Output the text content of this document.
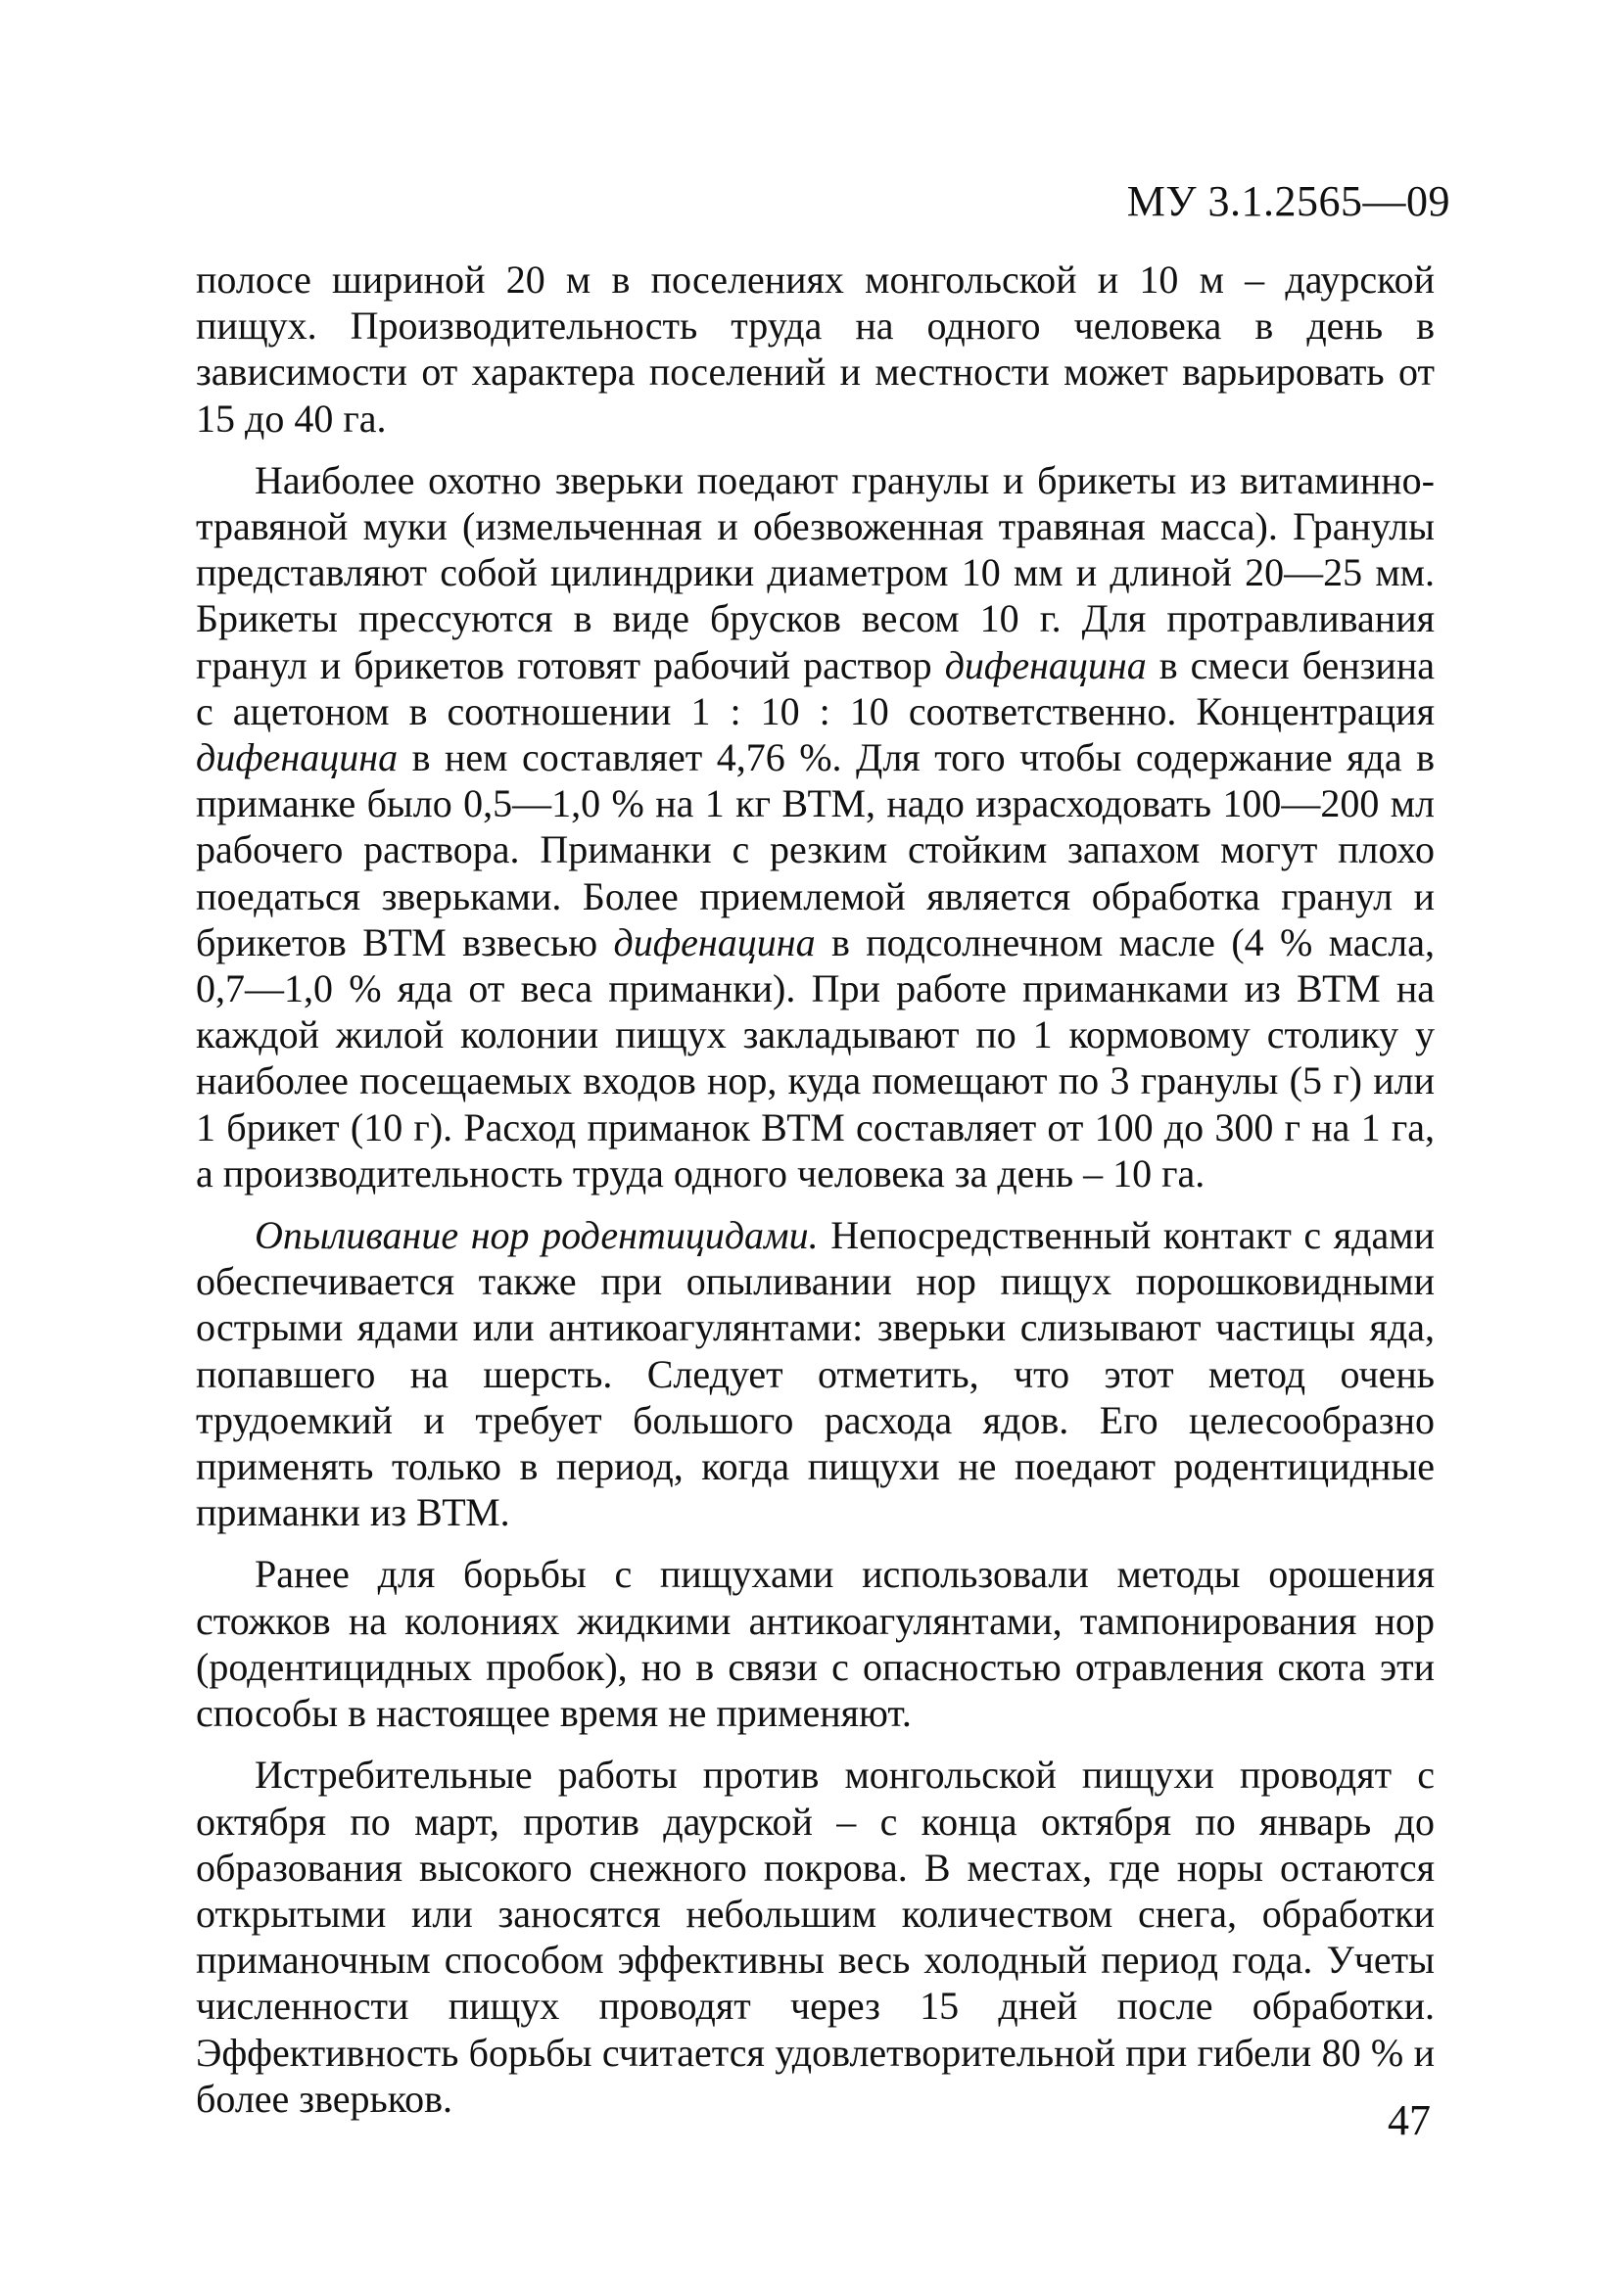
МУ 3.1.2565—09

полосе шириной 20 м в поселениях монгольской и 10 м – даурской пищух. Производительность труда на одного человека в день в зависимости от характера поселений и местности может варьировать от 15 до 40 га.

Наиболее охотно зверьки поедают гранулы и брикеты из витаминно-травяной муки (измельченная и обезвоженная травяная масса). Гранулы представляют собой цилиндрики диаметром 10 мм и длиной 20—25 мм. Брикеты прессуются в виде брусков весом 10 г. Для протравливания гранул и брикетов готовят рабочий раствор дифенацина в смеси бензина с ацетоном в соотношении 1 : 10 : 10 соответственно. Концентрация дифенацина в нем составляет 4,76 %. Для того чтобы содержание яда в приманке было 0,5—1,0 % на 1 кг ВТМ, надо израсходовать 100—200 мл рабочего раствора. Приманки с резким стойким запахом могут плохо поедаться зверьками. Более приемлемой является обработка гранул и брикетов ВТМ взвесью дифенацина в подсолнечном масле (4 % масла, 0,7—1,0 % яда от веса приманки). При работе приманками из ВТМ на каждой жилой колонии пищух закладывают по 1 кормовому столику у наиболее посещаемых входов нор, куда помещают по 3 гранулы (5 г) или 1 брикет (10 г). Расход приманок ВТМ составляет от 100 до 300 г на 1 га, а производительность труда одного человека за день – 10 га.

Опыливание нор родентицидами. Непосредственный контакт с ядами обеспечивается также при опыливании нор пищух порошковидными острыми ядами или антикоагулянтами: зверьки слизывают частицы яда, попавшего на шерсть. Следует отметить, что этот метод очень трудоемкий и требует большого расхода ядов. Его целесообразно применять только в период, когда пищухи не поедают родентицидные приманки из ВТМ.

Ранее для борьбы с пищухами использовали методы орошения стожков на колониях жидкими антикоагулянтами, тампонирования нор (родентицидных пробок), но в связи с опасностью отравления скота эти способы в настоящее время не применяют.

Истребительные работы против монгольской пищухи проводят с октября по март, против даурской – с конца октября по январь до образования высокого снежного покрова. В местах, где норы остаются открытыми или заносятся небольшим количеством снега, обработки приманочным способом эффективны весь холодный период года. Учеты численности пищух проводят через 15 дней после обработки. Эффективность борьбы считается удовлетворительной при гибели 80 % и более зверьков.	47
